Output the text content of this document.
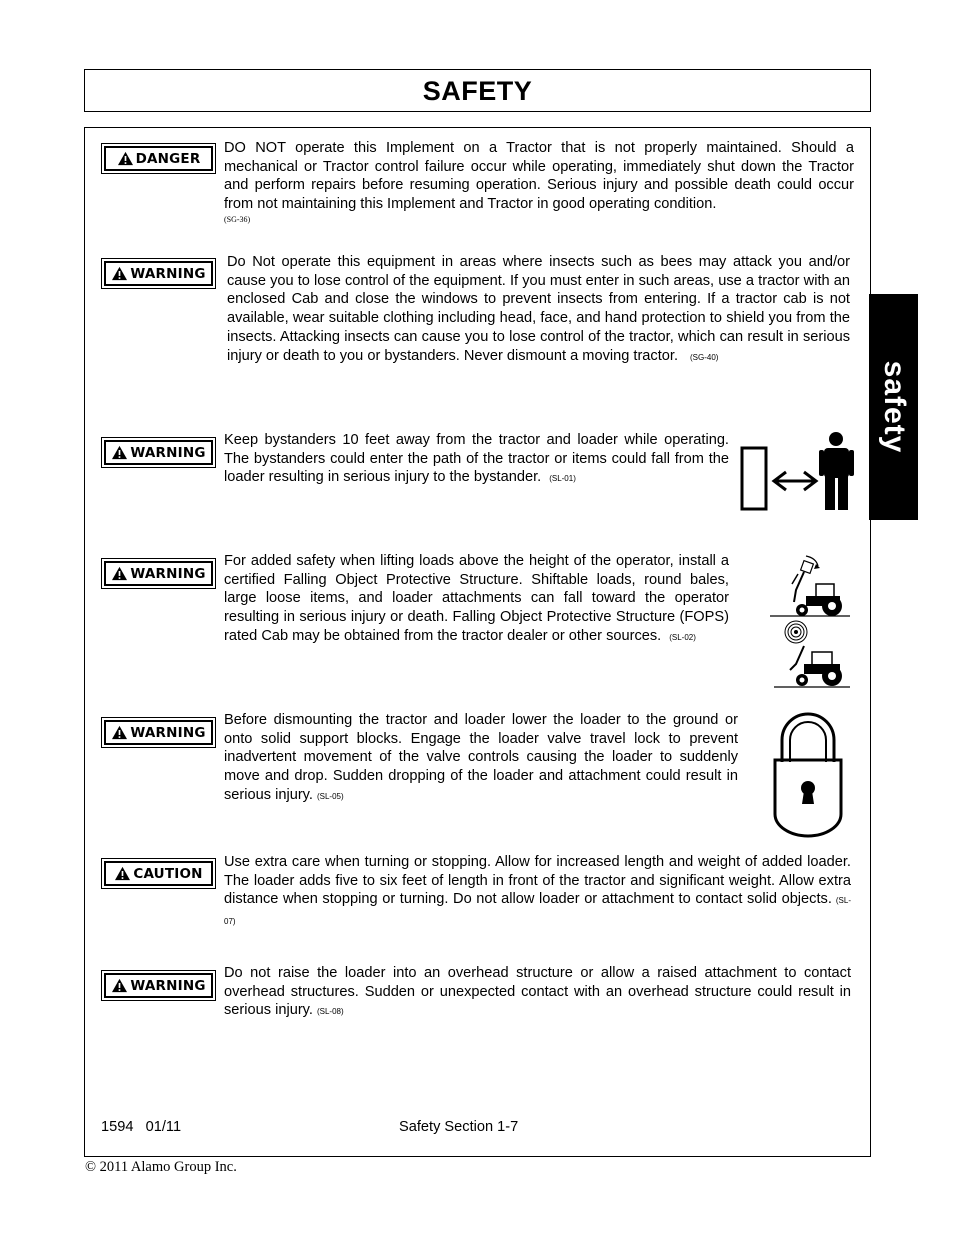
SAFETY
safety
DANGER
DO NOT operate this Implement on a Tractor that is not properly maintained. Should a mechanical or Tractor control failure occur while operating, immediately shut down the Tractor and perform repairs before resuming operation. Serious injury and possible death could occur from not maintaining this Implement and Tractor in good operating condition.
(SG-36)
WARNING
Do Not operate this equipment in areas where insects such as bees may attack you and/or cause you to lose control of the equipment. If you must enter in such areas, use a tractor with an enclosed Cab and close the windows to prevent insects from entering. If a tractor cab is not available, wear suitable clothing including head, face, and hand protection to shield you from the insects. Attacking insects can cause you to lose control of the tractor, which can result in serious injury or death to you or bystanders. Never dismount a moving tractor. (SG-40)
WARNING
Keep bystanders 10 feet away from the tractor and loader while operating. The bystanders could enter the path of the tractor or items could fall from the loader resulting in serious injury to the bystander. (SL-01)
WARNING
For added safety when lifting loads above the height of the operator, install a certified Falling Object Protective Structure. Shiftable loads, round bales, large loose items, and loader attachments can fall toward the operator resulting in serious injury or death. Falling Object Protective Structure (FOPS) rated Cab may be obtained from the tractor dealer or other sources. (SL-02)
WARNING
Before dismounting the tractor and loader lower the loader to the ground or onto solid support blocks. Engage the loader valve travel lock to prevent inadvertent movement of the valve controls causing the loader to suddenly move and drop. Sudden dropping of the loader and attachment could result in serious injury. (SL-05)
CAUTION
Use extra care when turning or stopping. Allow for increased length and weight of added loader. The loader adds five to six feet of length in front of the tractor and significant weight. Allow extra distance when stopping or turning. Do not allow loader or attachment to contact solid objects. (SL-07)
WARNING
Do not raise the loader into an overhead structure or allow a raised attachment to contact overhead structures. Sudden or unexpected contact with an overhead structure could result in serious injury. (SL-08)
1594   01/11	Safety Section 1-7
© 2011 Alamo Group Inc.
